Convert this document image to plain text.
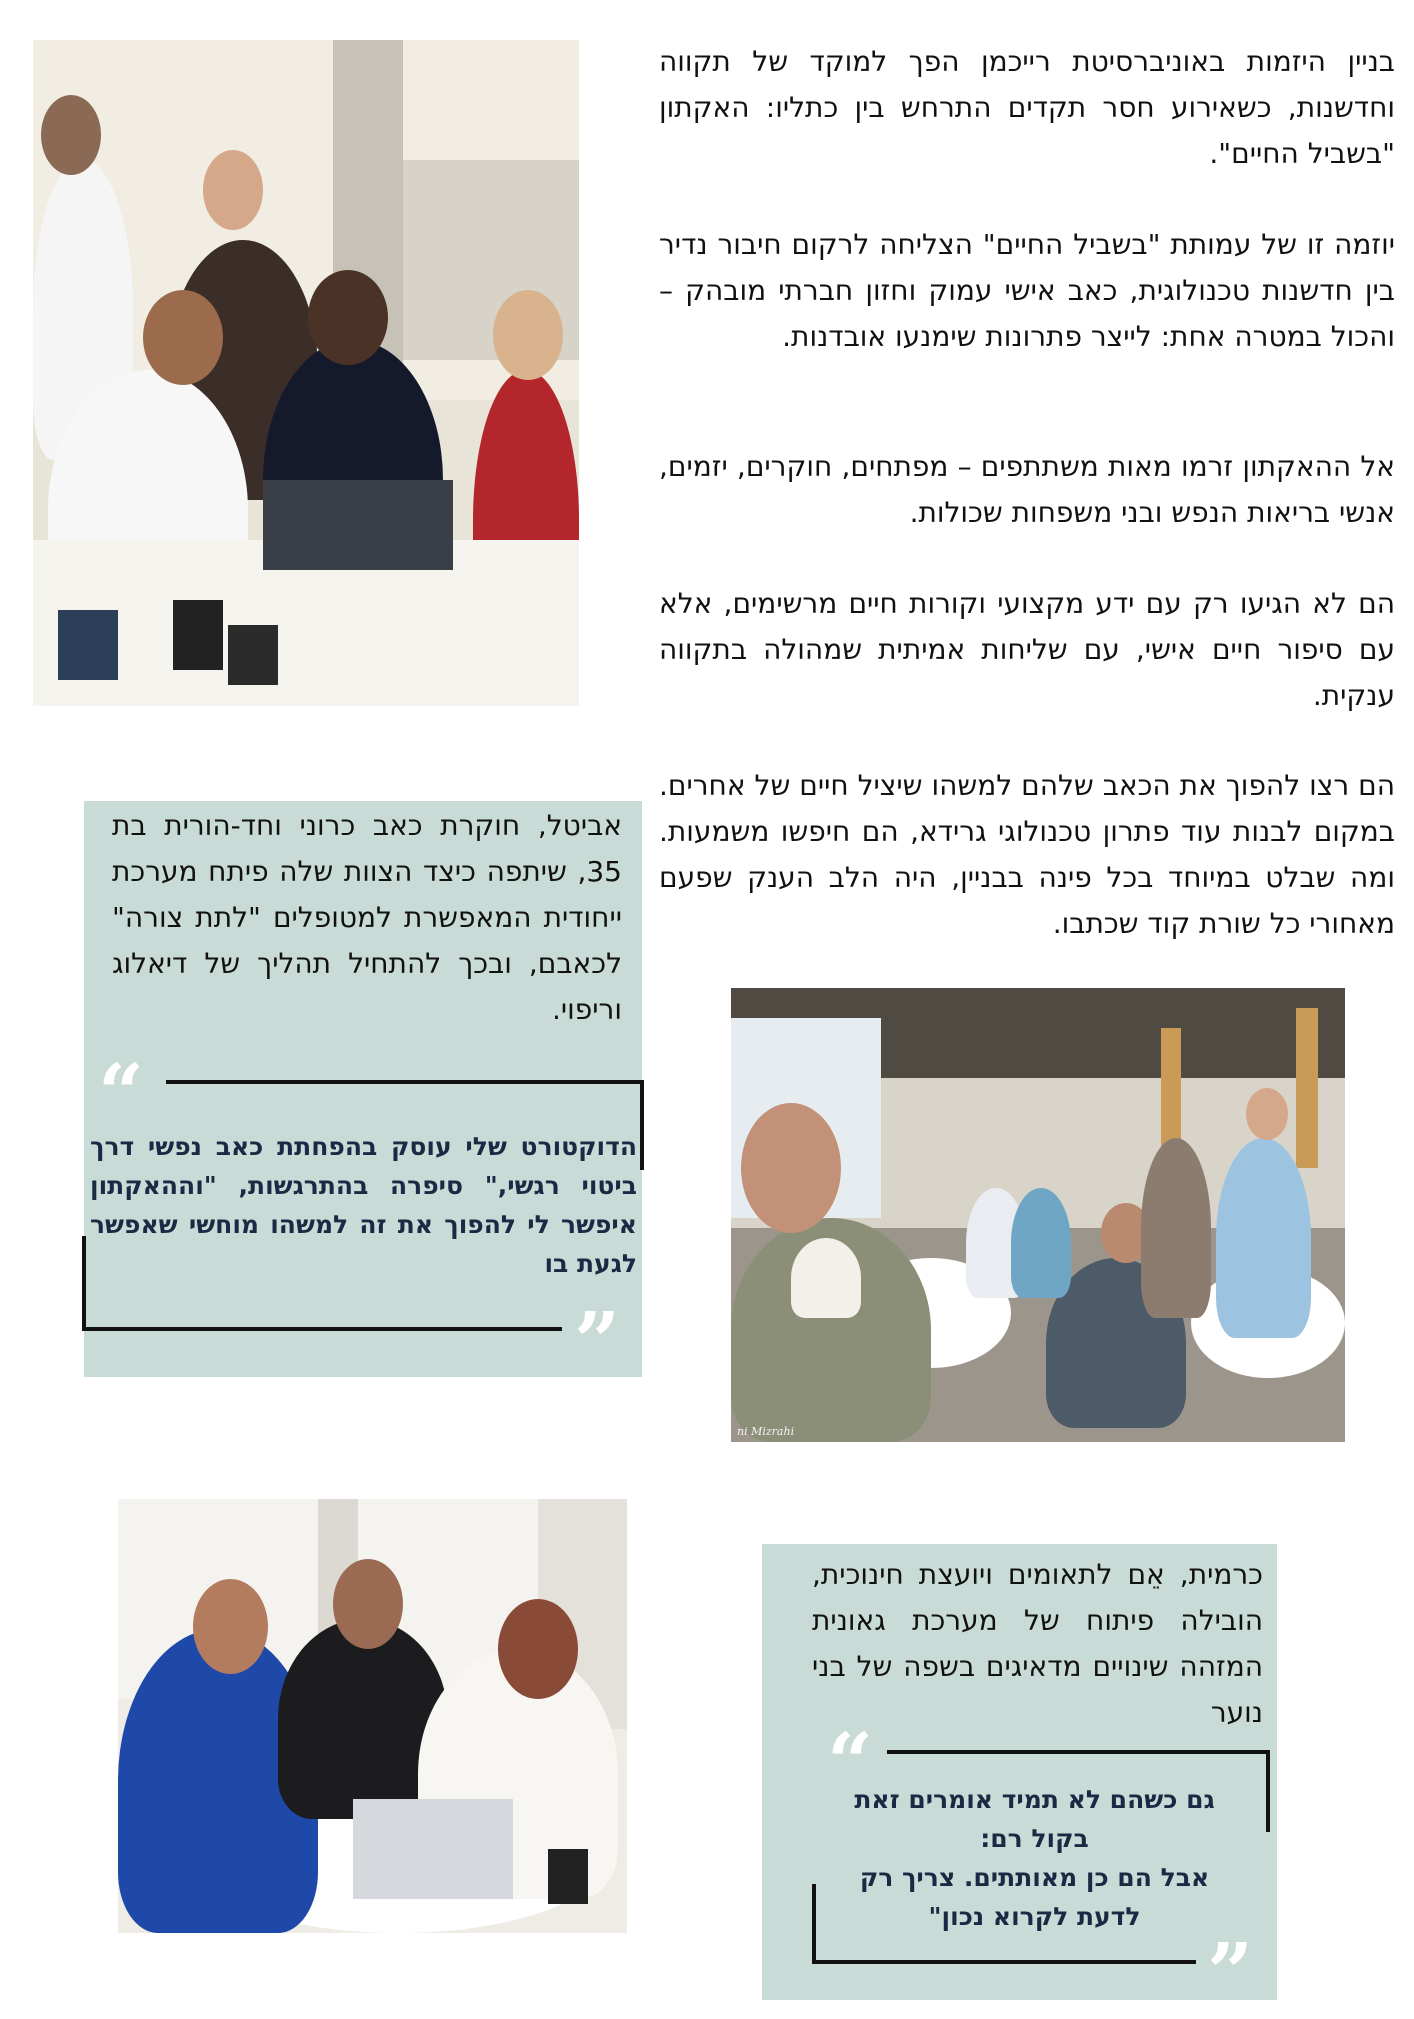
בניין היזמות באוניברסיטת רייכמן הפך למוקד של תקווה וחדשנות, כשאירוע חסר תקדים התרחש בין כתליו: האקתון "בשביל החיים".

יוזמה זו של עמותת "בשביל החיים" הצליחה לרקום חיבור נדיר בין חדשנות טכנולוגית, כאב אישי עמוק וחזון חברתי מובהק – והכול במטרה אחת: לייצר פתרונות שימנעו אובדנות.

אל ההאקתון זרמו מאות משתתפים – מפתחים, חוקרים, יזמים, אנשי בריאות הנפש ובני משפחות שכולות.

הם לא הגיעו רק עם ידע מקצועי וקורות חיים מרשימים, אלא עם סיפור חיים אישי, עם שליחות אמיתית שמהולה בתקווה ענקית.

הם רצו להפוך את הכאב שלהם למשהו שיציל חיים של אחרים. במקום לבנות עוד פתרון טכנולוגי גרידא, הם חיפשו משמעות. ומה שבלט במיוחד בכל פינה בבניין, היה הלב הענק שפעם מאחורי כל שורת קוד שכתבו.

אביטל, חוקרת כאב כרוני וחד-הורית בת 35, שיתפה כיצד הצוות שלה פיתח מערכת ייחודית המאפשרת למטופלים "לתת צורה" לכאבם, ובכך להתחיל תהליך של דיאלוג וריפוי.

“

הדוקטורט שלי עוסק בהפחתת כאב נפשי דרך ביטוי רגשי," סיפרה בהתרגשות, "וההאקתון איפשר לי להפוך את זה למשהו מוחשי שאפשר לגעת בו

”
ni Mizrahi

כרמית, אֵם לתאומים ויועצת חינוכית, הובילה פיתוח של מערכת גאונית המזהה שינויים מדאיגים בשפה של בני נוער

“
גם כשהם לא תמיד אומרים זאת
בקול רם:
אבל הם כן מאותתים. צריך רק
לדעת לקרוא נכון"
”
